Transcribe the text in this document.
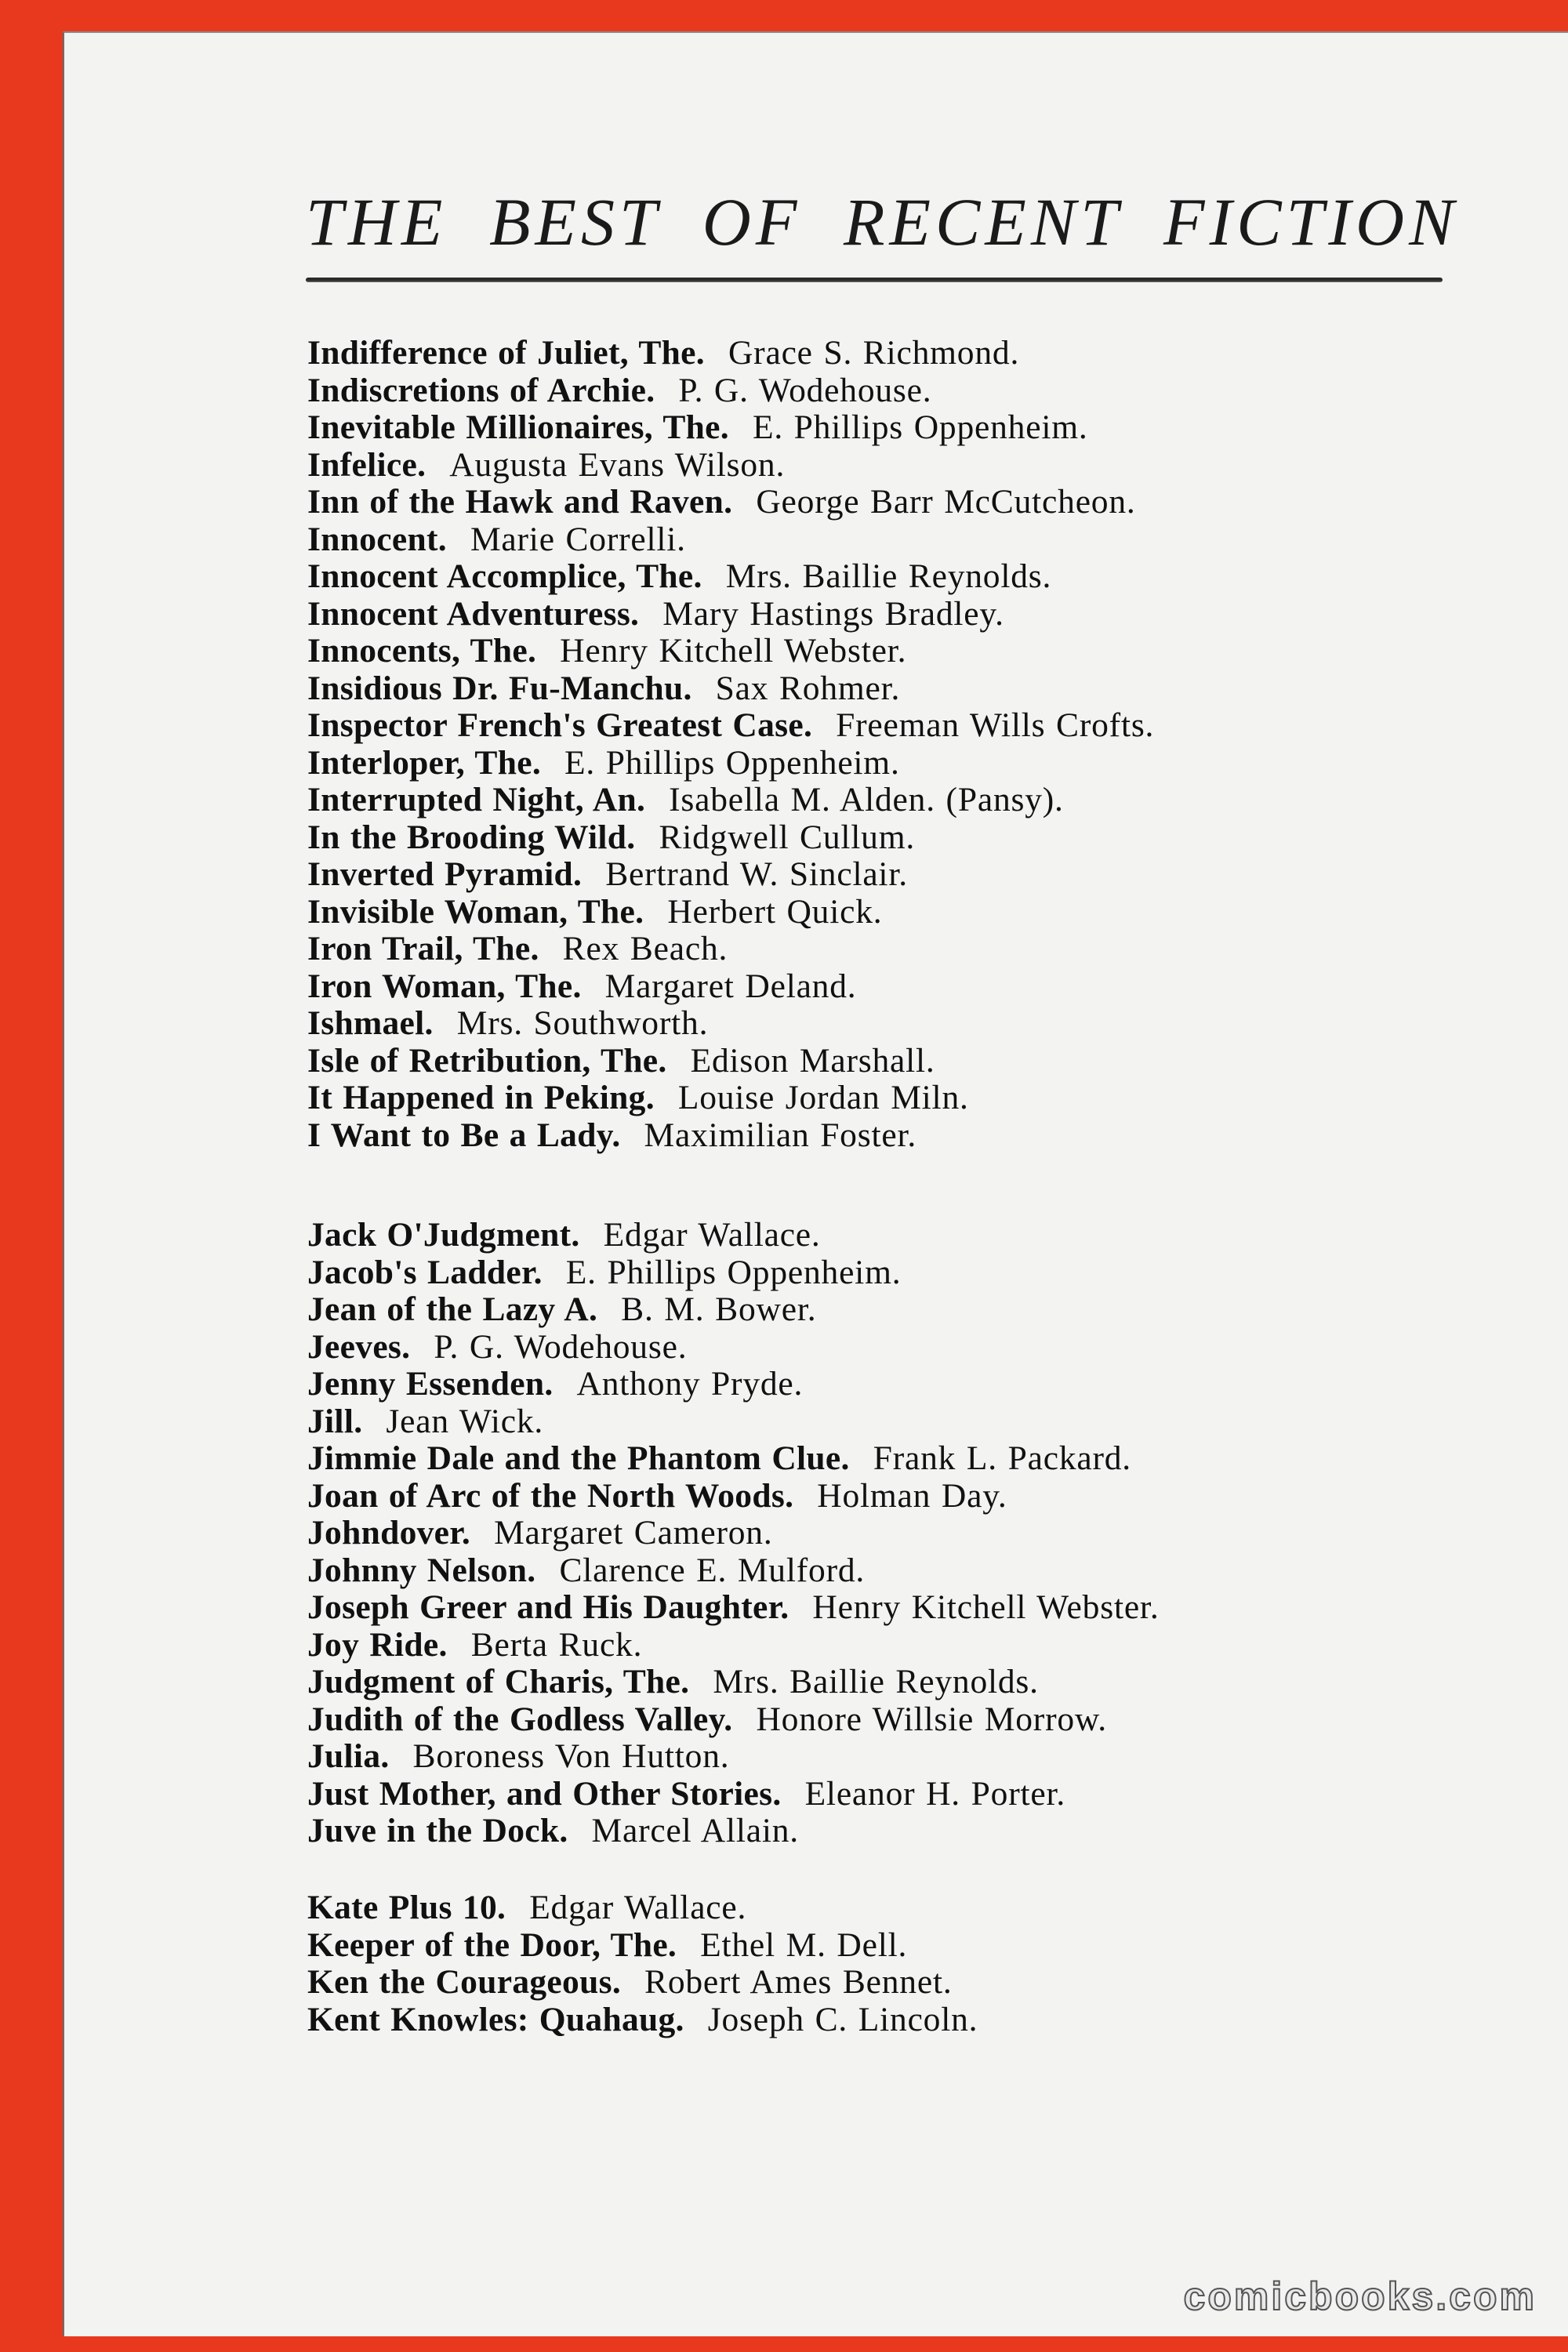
THE BEST OF RECENT FICTION
Indifference of Juliet, The. Grace S. Richmond.
Indiscretions of Archie. P. G. Wodehouse.
Inevitable Millionaires, The. E. Phillips Oppenheim.
Infelice. Augusta Evans Wilson.
Inn of the Hawk and Raven. George Barr McCutcheon.
Innocent. Marie Correlli.
Innocent Accomplice, The. Mrs. Baillie Reynolds.
Innocent Adventuress. Mary Hastings Bradley.
Innocents, The. Henry Kitchell Webster.
Insidious Dr. Fu-Manchu. Sax Rohmer.
Inspector French's Greatest Case. Freeman Wills Crofts.
Interloper, The. E. Phillips Oppenheim.
Interrupted Night, An. Isabella M. Alden. (Pansy).
In the Brooding Wild. Ridgwell Cullum.
Inverted Pyramid. Bertrand W. Sinclair.
Invisible Woman, The. Herbert Quick.
Iron Trail, The. Rex Beach.
Iron Woman, The. Margaret Deland.
Ishmael. Mrs. Southworth.
Isle of Retribution, The. Edison Marshall.
It Happened in Peking. Louise Jordan Miln.
I Want to Be a Lady. Maximilian Foster.
Jack O'Judgment. Edgar Wallace.
Jacob's Ladder. E. Phillips Oppenheim.
Jean of the Lazy A. B. M. Bower.
Jeeves. P. G. Wodehouse.
Jenny Essenden. Anthony Pryde.
Jill. Jean Wick.
Jimmie Dale and the Phantom Clue. Frank L. Packard.
Joan of Arc of the North Woods. Holman Day.
Johndover. Margaret Cameron.
Johnny Nelson. Clarence E. Mulford.
Joseph Greer and His Daughter. Henry Kitchell Webster.
Joy Ride. Berta Ruck.
Judgment of Charis, The. Mrs. Baillie Reynolds.
Judith of the Godless Valley. Honore Willsie Morrow.
Julia. Boroness Von Hutton.
Just Mother, and Other Stories. Eleanor H. Porter.
Juve in the Dock. Marcel Allain.
Kate Plus 10. Edgar Wallace.
Keeper of the Door, The. Ethel M. Dell.
Ken the Courageous. Robert Ames Bennet.
Kent Knowles: Quahaug. Joseph C. Lincoln.
comicbooks.com
